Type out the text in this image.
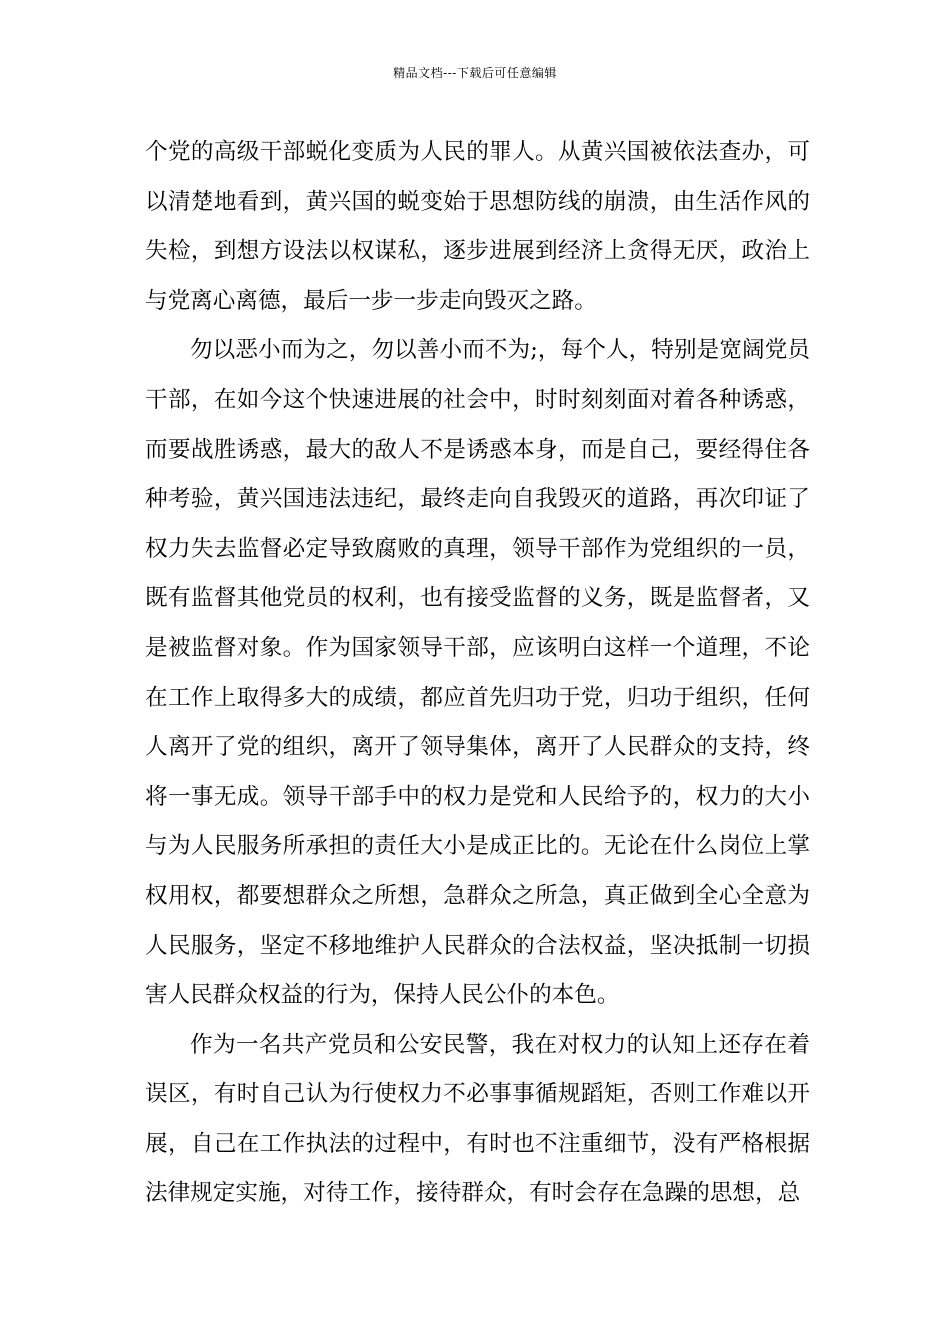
精品文档---下载后可任意编辑

个党的高级干部蜕化变质为人民的罪人。从黄兴国被依法查办，可以清楚地看到，黄兴国的蜕变始于思想防线的崩溃，由生活作风的失检，到想方设法以权谋私，逐步进展到经济上贪得无厌，政治上与党离心离德，最后一步一步走向毁灭之路。

勿以恶小而为之，勿以善小而不为;，每个人，特别是宽阔党员干部，在如今这个快速进展的社会中，时时刻刻面对着各种诱惑，而要战胜诱惑，最大的敌人不是诱惑本身，而是自己，要经得住各种考验，黄兴国违法违纪，最终走向自我毁灭的道路，再次印证了权力失去监督必定导致腐败的真理，领导干部作为党组织的一员，既有监督其他党员的权利，也有接受监督的义务，既是监督者，又是被监督对象。作为国家领导干部，应该明白这样一个道理，不论在工作上取得多大的成绩，都应首先归功于党，归功于组织，任何人离开了党的组织，离开了领导集体，离开了人民群众的支持，终将一事无成。领导干部手中的权力是党和人民给予的，权力的大小与为人民服务所承担的责任大小是成正比的。无论在什么岗位上掌权用权，都要想群众之所想，急群众之所急，真正做到全心全意为人民服务，坚定不移地维护人民群众的合法权益，坚决抵制一切损害人民群众权益的行为，保持人民公仆的本色。

作为一名共产党员和公安民警，我在对权力的认知上还存在着误区，有时自己认为行使权力不必事事循规蹈矩，否则工作难以开展，自己在工作执法的过程中，有时也不注重细节，没有严格根据法律规定实施，对待工作，接待群众，有时会存在急躁的思想，总
